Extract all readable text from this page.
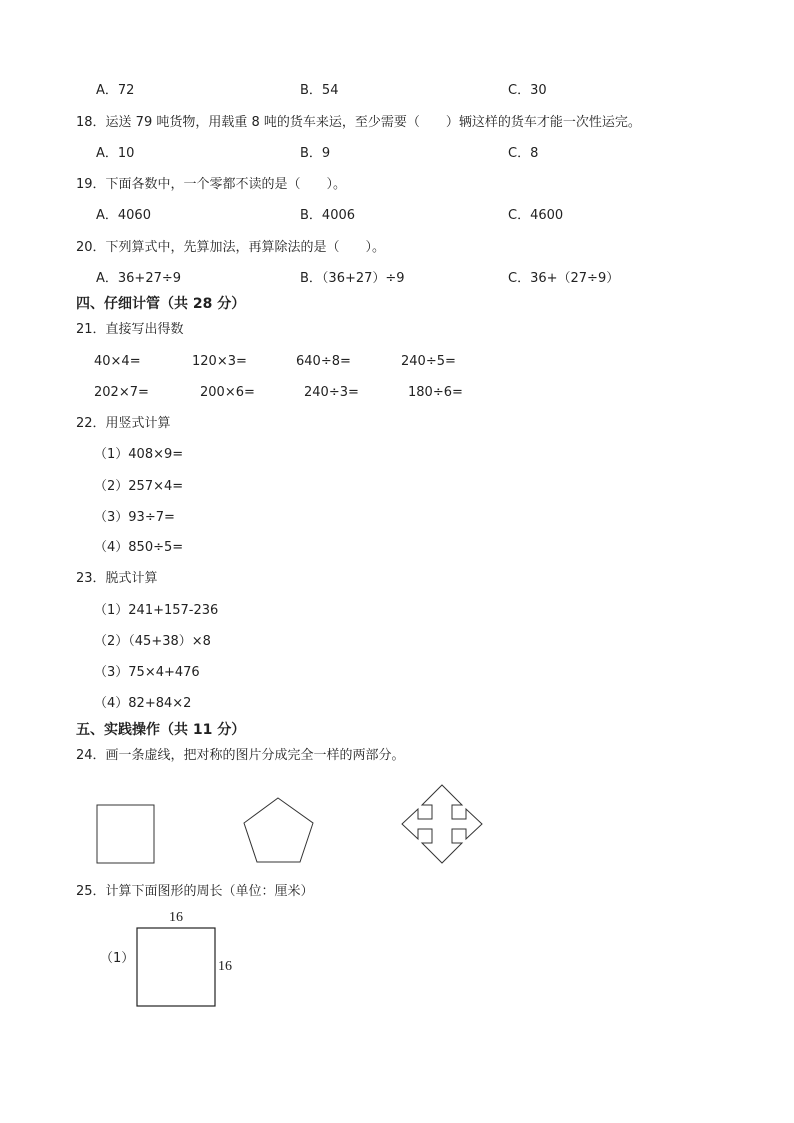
A．72	B．54	C．30
18．运送 79 吨货物，用载重 8 吨的货车来运，至少需要（　　）辆这样的货车才能一次性运完。
A．10	B．9	C．8
19．下面各数中，一个零都不读的是（　　）。
A．4060	B．4006	C．4600
20．下列算式中，先算加法，再算除法的是（　　）。
A．36+27÷9	B．（36+27）÷9	C．36+（27÷9）
四、仔细计管（共 28 分）
21．直接写出得数
40×4=	120×3=	640÷8=	240÷5=
202×7=	200×6=	240÷3=	180÷6=
22．用竖式计算
（1）408×9=
（2）257×4=
（3）93÷7=
（4）850÷5=
23．脱式计算
（1）241+157-236
（2）（45+38）×8
（3）75×4+476
（4）82+84×2
五、实践操作（共 11 分）
24．画一条虚线，把对称的图片分成完全一样的两部分。
25．计算下面图形的周长（单位：厘米）
16
（1）
16
